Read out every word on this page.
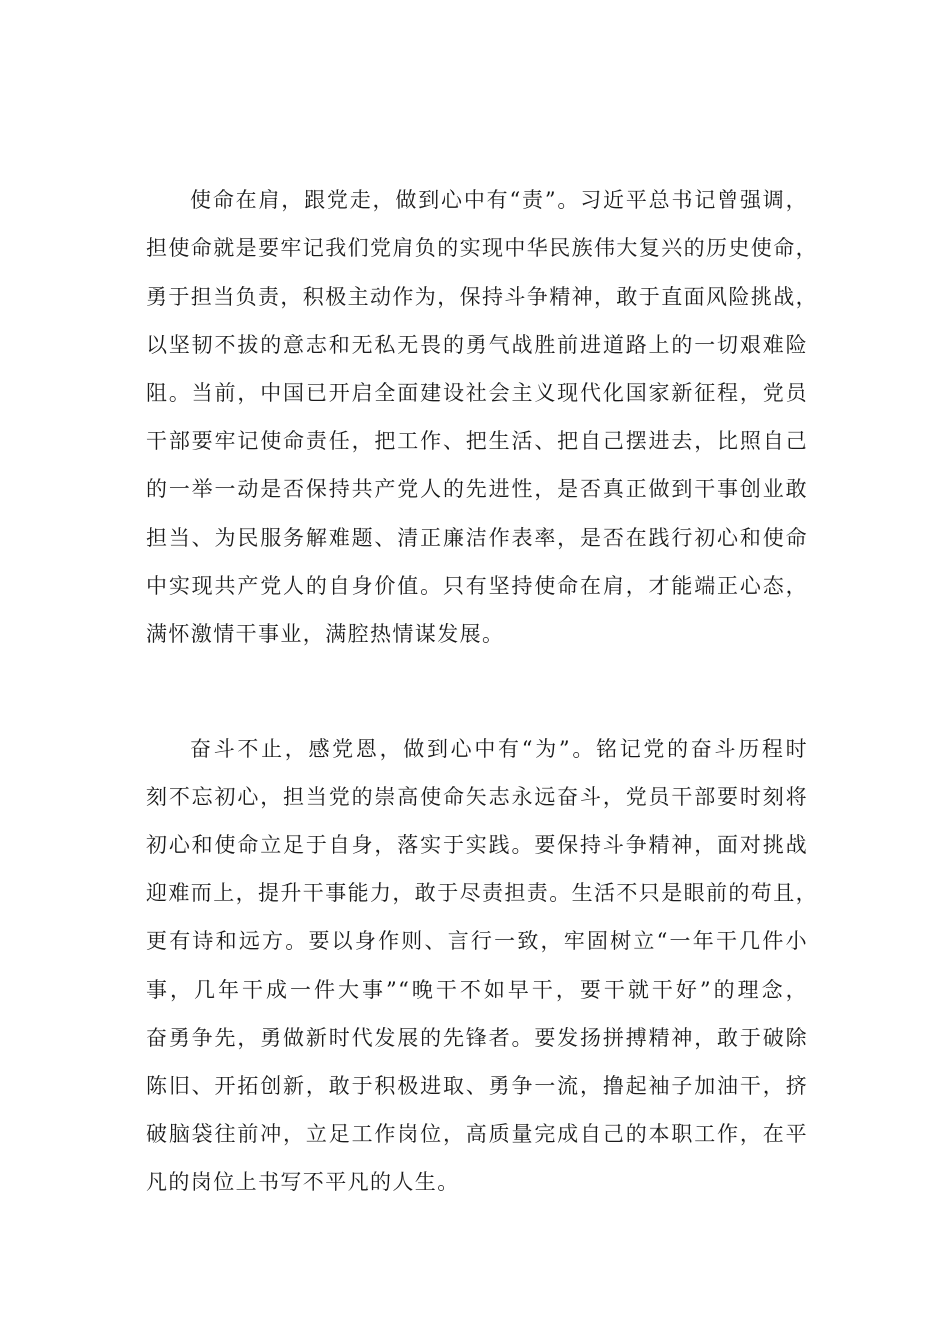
使命在肩，跟党走，做到心中有“责”。习近平总书记曾强调，
担使命就是要牢记我们党肩负的实现中华民族伟大复兴的历史使命，
勇于担当负责，积极主动作为，保持斗争精神，敢于直面风险挑战，
以坚韧不拔的意志和无私无畏的勇气战胜前进道路上的一切艰难险
阻。当前，中国已开启全面建设社会主义现代化国家新征程，党员
干部要牢记使命责任，把工作、把生活、把自己摆进去，比照自己
的一举一动是否保持共产党人的先进性，是否真正做到干事创业敢
担当、为民服务解难题、清正廉洁作表率，是否在践行初心和使命
中实现共产党人的自身价值。只有坚持使命在肩，才能端正心态，
满怀激情干事业，满腔热情谋发展。
奋斗不止，感党恩，做到心中有“为”。铭记党的奋斗历程时
刻不忘初心，担当党的崇高使命矢志永远奋斗，党员干部要时刻将
初心和使命立足于自身，落实于实践。要保持斗争精神，面对挑战
迎难而上，提升干事能力，敢于尽责担责。生活不只是眼前的苟且，
更有诗和远方。要以身作则、言行一致，牢固树立“一年干几件小
事，几年干成一件大事”“晚干不如早干，要干就干好”的理念，
奋勇争先，勇做新时代发展的先锋者。要发扬拼搏精神，敢于破除
陈旧、开拓创新，敢于积极进取、勇争一流，撸起袖子加油干，挤
破脑袋往前冲，立足工作岗位，高质量完成自己的本职工作，在平
凡的岗位上书写不平凡的人生。
